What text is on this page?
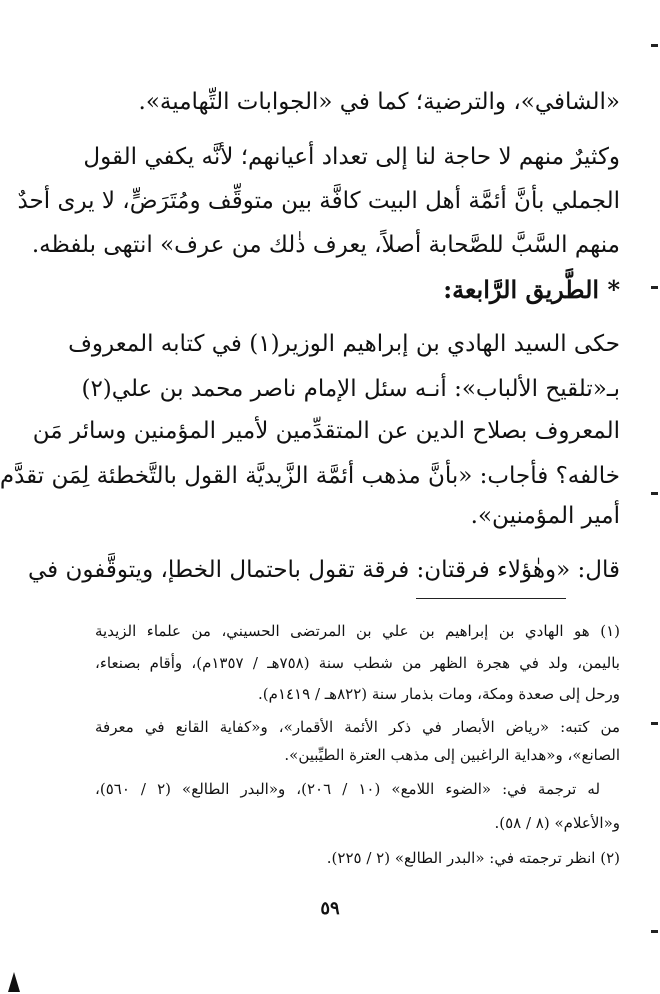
«الشافي»، والترضية؛ كما في «الجوابات التِّهامية».
وكثيرٌ منهم لا حاجة لنا إلى تعداد أعيانهم؛ لأنَّه يكفي القول
الجملي بأنَّ أئمَّة أهل البيت كافَّة بين متوقِّف ومُتَرَضٍّ، لا يرى أحدٌ
منهم السَّبَّ للصَّحابة أصلاً، يعرف ذٰلك من عرف» انتهى بلفظه.
* الطَّريق الرَّابعة:
حكى السيد الهادي بن إبراهيم الوزير(١) في كتابه المعروف
بـ«تلقيح الألباب»: أنـه سئل الإمام ناصر محمد بن علي(٢)
المعروف بصلاح الدين عن المتقدِّمين لأمير المؤمنين وسائر مَن
خالفه؟ فأجاب: «بأنَّ مذهب أئمَّة الزَّيديَّة القول بالتَّخطئة لِمَن تقدَّم
أمير المؤمنين».
قال: «وهٰؤلاء فرقتان: فرقة تقول باحتمال الخطإ، ويتوقَّفون في
(١) هو الهادي بن إبراهيم بن علي بن المرتضى الحسيني، من علماء الزيدية
باليمن، ولد في هجرة الظهر من شطب سنة (٧٥٨هـ / ١٣٥٧م)، وأقام بصنعاء،
ورحل إلى صعدة ومكة، ومات بذمار سنة (٨٢٢هـ / ١٤١٩م).
من كتبه: «رياض الأبصار في ذكر الأئمة الأقمار»، و«كفاية القانع في معرفة
الصانع»، و«هداية الراغبين إلى مذهب العترة الطيِّبين».
له ترجمة في: «الضوء اللامع» (١٠ / ٢٠٦)، و«البدر الطالع» (٢ / ٥٦٠)،
و«الأعلام» (٨ / ٥٨).
(٢) انظر ترجمته في: «البدر الطالع» (٢ / ٢٢٥).
٥٩
